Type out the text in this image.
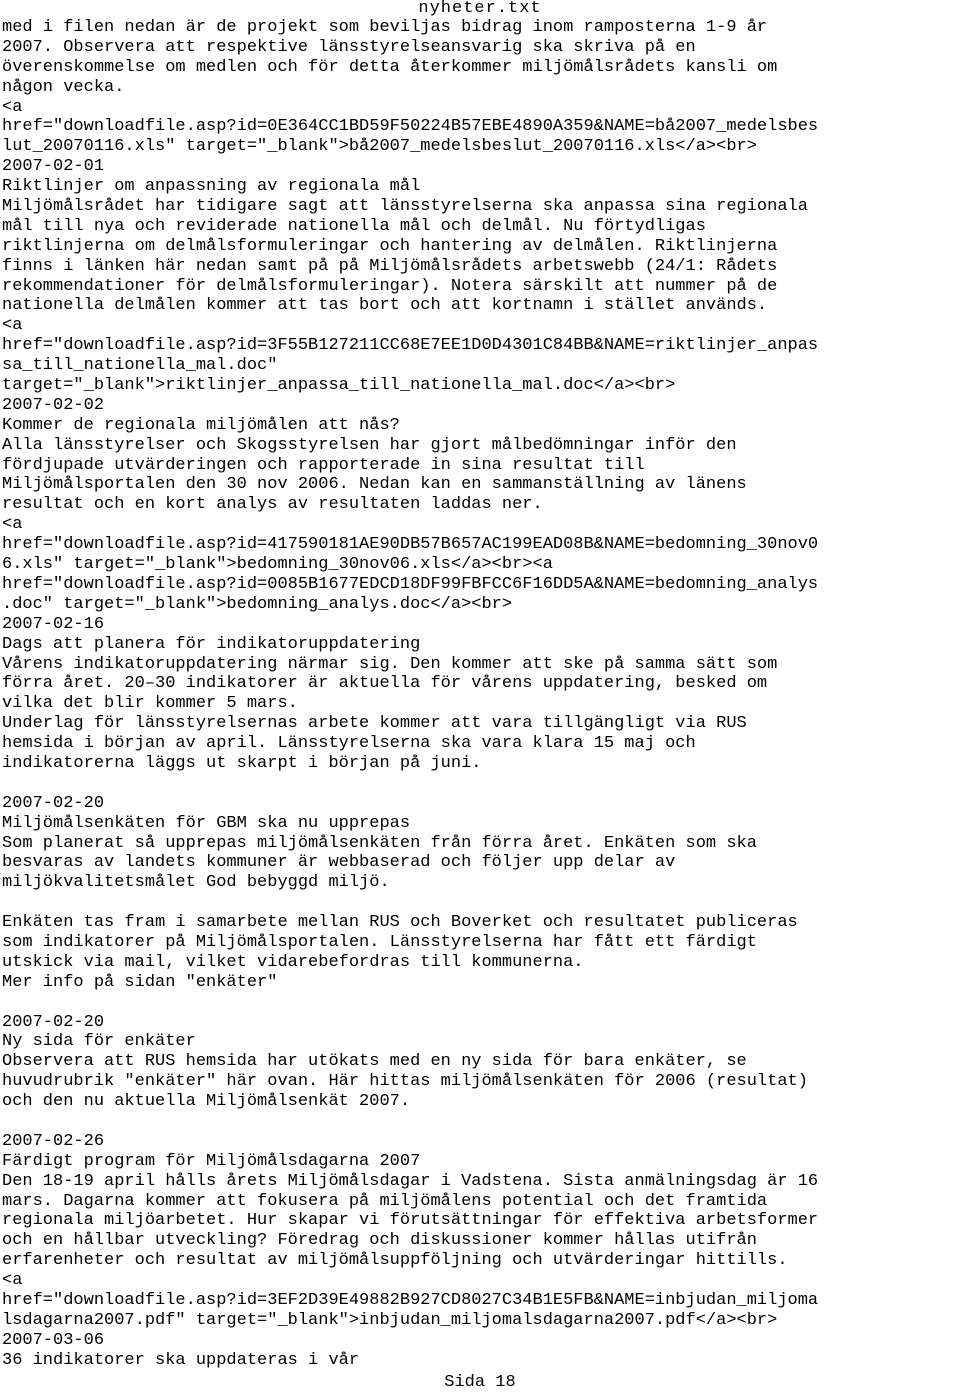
nyheter.txt
med i filen nedan är de projekt som beviljas bidrag inom ramposterna 1-9 år
2007. Observera att respektive länsstyrelseansvarig ska skriva på en
överenskommelse om medlen och för detta återkommer miljömålsrådets kansli om
någon vecka.
<a
href="downloadfile.asp?id=0E364CC1BD59F50224B57EBE4890A359&NAME=bå2007_medelsbes
lut_20070116.xls" target="_blank">bå2007_medelsbeslut_20070116.xls</a><br>
2007-02-01
Riktlinjer om anpassning av regionala mål
Miljömålsrådet har tidigare sagt att länsstyrelserna ska anpassa sina regionala
mål till nya och reviderade nationella mål och delmål. Nu förtydligas
riktlinjerna om delmålsformuleringar och hantering av delmålen. Riktlinjerna
finns i länken här nedan samt på på Miljömålsrådets arbetswebb (24/1: Rådets
rekommendationer för delmålsformuleringar). Notera särskilt att nummer på de
nationella delmålen kommer att tas bort och att kortnamn i stället används.
<a
href="downloadfile.asp?id=3F55B127211CC68E7EE1D0D4301C84BB&NAME=riktlinjer_anpas
sa_till_nationella_mal.doc"
target="_blank">riktlinjer_anpassa_till_nationella_mal.doc</a><br>
2007-02-02
Kommer de regionala miljömålen att nås?
Alla länsstyrelser och Skogsstyrelsen har gjort målbedömningar inför den
fördjupade utvärderingen och rapporterade in sina resultat till
Miljömålsportalen den 30 nov 2006. Nedan kan en sammanställning av länens
resultat och en kort analys av resultaten laddas ner.
<a
href="downloadfile.asp?id=417590181AE90DB57B657AC199EAD08B&NAME=bedomning_30nov0
6.xls" target="_blank">bedomning_30nov06.xls</a><br><a
href="downloadfile.asp?id=0085B1677EDCD18DF99FBFCC6F16DD5A&NAME=bedomning_analys
.doc" target="_blank">bedomning_analys.doc</a><br>
2007-02-16
Dags att planera för indikatoruppdatering
Vårens indikatoruppdatering närmar sig. Den kommer att ske på samma sätt som
förra året. 20–30 indikatorer är aktuella för vårens uppdatering, besked om
vilka det blir kommer 5 mars.
Underlag för länsstyrelsernas arbete kommer att vara tillgängligt via RUS
hemsida i början av april. Länsstyrelserna ska vara klara 15 maj och
indikatorerna läggs ut skarpt i början på juni.
2007-02-20
Miljömålsenkäten för GBM ska nu upprepas
Som planerat så upprepas miljömålsenkäten från förra året. Enkäten som ska
besvaras av landets kommuner är webbaserad och följer upp delar av
miljökvalitetsmålet God bebyggd miljö.
Enkäten tas fram i samarbete mellan RUS och Boverket och resultatet publiceras
som indikatorer på Miljömålsportalen. Länsstyrelserna har fått ett färdigt
utskick via mail, vilket vidarebefordras till kommunerna.
Mer info på sidan "enkäter"
2007-02-20
Ny sida för enkäter
Observera att RUS hemsida har utökats med en ny sida för bara enkäter, se
huvudrubrik "enkäter" här ovan. Här hittas miljömålsenkäten för 2006 (resultat)
och den nu aktuella Miljömålsenkät 2007.
2007-02-26
Färdigt program för Miljömålsdagarna 2007
Den 18-19 april hålls årets Miljömålsdagar i Vadstena. Sista anmälningsdag är 16
mars. Dagarna kommer att fokusera på miljömålens potential och det framtida
regionala miljöarbetet. Hur skapar vi förutsättningar för effektiva arbetsformer
och en hållbar utveckling? Föredrag och diskussioner kommer hållas utifrån
erfarenheter och resultat av miljömålsuppföljning och utvärderingar hittills.
<a
href="downloadfile.asp?id=3EF2D39E49882B927CD8027C34B1E5FB&NAME=inbjudan_miljoma
lsdagarna2007.pdf" target="_blank">inbjudan_miljomalsdagarna2007.pdf</a><br>
2007-03-06
36 indikatorer ska uppdateras i vår
Sida 18
